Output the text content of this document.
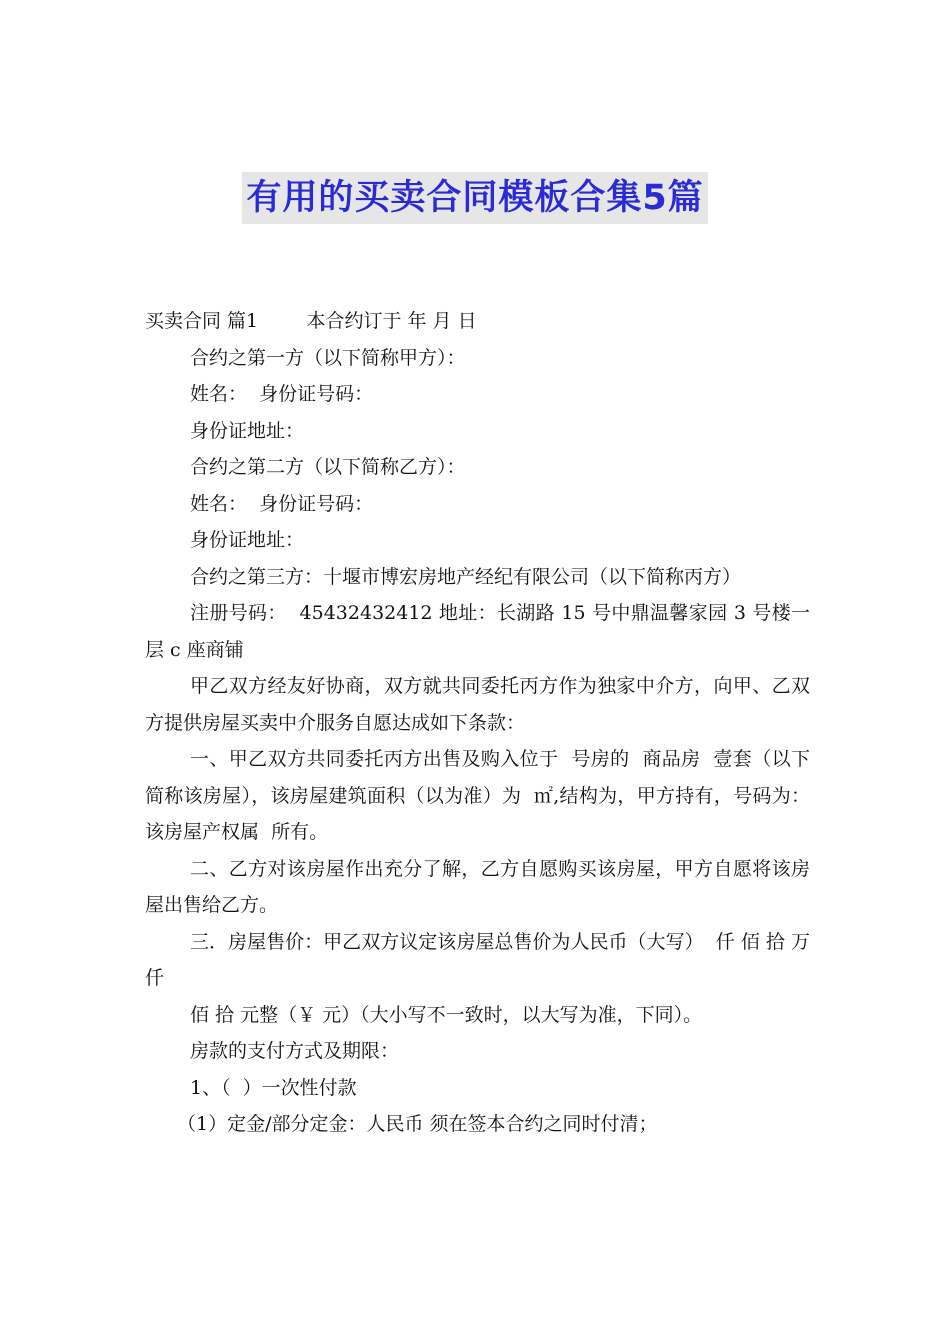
有用的买卖合同模板合集5篇

买卖合同 篇1        本合约订于 年 月 日

合约之第一方（以下简称甲方）：

姓名：  身份证号码：

身份证地址：

合约之第二方（以下简称乙方）：

姓名：  身份证号码：

身份证地址：

合约之第三方：十堰市博宏房地产经纪有限公司（以下简称丙方）

注册号码：  45432432412 地址：长湖路 15 号中鼎温馨家园 3 号楼一层 c 座商铺

甲乙双方经友好协商，双方就共同委托丙方作为独家中介方，向甲、乙双方提供房屋买卖中介服务自愿达成如下条款：

一、甲乙双方共同委托丙方出售及购入位于  号房的  商品房  壹套（以下简称该房屋），该房屋建筑面积（以为准）为  ㎡,结构为，甲方持有，号码为：  该房屋产权属  所有。

二、乙方对该房屋作出充分了解，乙方自愿购买该房屋，甲方自愿将该房屋出售给乙方。

三．房屋售价：甲乙双方议定该房屋总售价为人民币（大写）  仟 佰 拾 万 仟

佰 拾 元整（￥ 元）（大小写不一致时，以大写为准，下同）。

房款的支付方式及期限：

1、（  ）一次性付款

（1）定金/部分定金：人民币 须在签本合约之同时付清；
